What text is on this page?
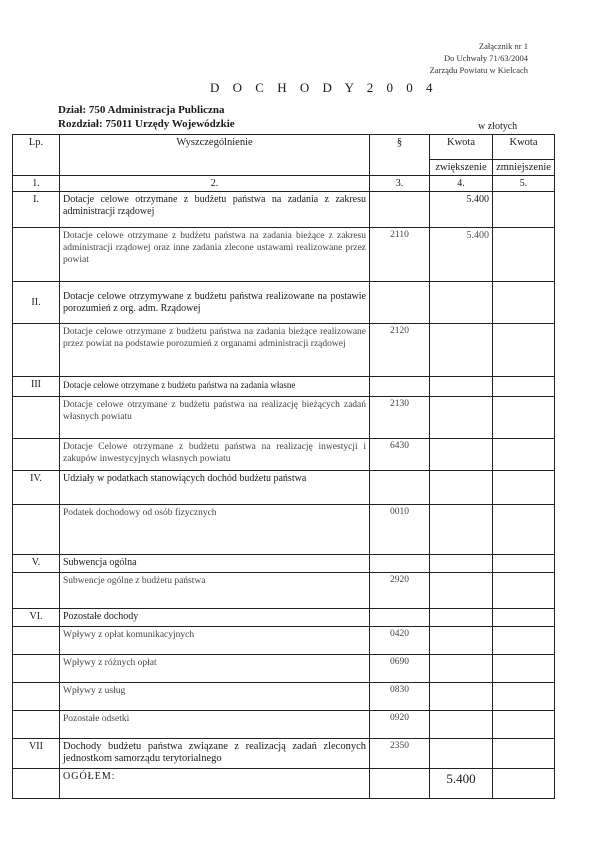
Załącznik nr 1
Do Uchwały 71/63/2004
Zarządu Powiatu w Kielcach
D O C H O D Y 2 0 0 4
Dział: 750 Administracja Publiczna
Rozdział: 75011 Urzędy Wojewódzkie	w złotych
Lp.	Wyszczególnienie	§	Kwota	Kwota
			zwiększenie	zmniejszenie
1.	2.	3.	4.	5.
I.	Dotacje celowe otrzymane z budżetu państwa na zadania z zakresu administracji rządowej		5.400	
	Dotacje celowe otrzymane z budżetu państwa na zadania bieżące z zakresu administracji rządowej oraz inne zadania zlecone ustawami realizowane przez powiat	2110	5.400	
II.	Dotacje celowe otrzymywane z budżetu państwa realizowane na postawie porozumień z org. adm. Rządowej			
	Dotacje celowe otrzymane z budżetu państwa na zadania bieżące realizowane przez powiat na podstawie porozumień z organami administracji rządowej	2120		
III	Dotacje celowe otrzymane z budżetu państwa na zadania własne			
	Dotacje celowe otrzymane z budżetu państwa na realizację bieżących zadań własnych powiatu	2130		
	Dotacje Celowe otrzymane z budżetu państwa na realizację inwestycji i zakupów inwestycyjnych własnych powiatu	6430		
IV.	Udziały w podatkach stanowiących dochód budżetu państwa			
	Podatek dochodowy od osób fizycznych	0010		
V.	Subwencja ogólna			
	Subwencje ogólne z budżetu państwa	2920		
VI.	Pozostałe dochody			
	Wpływy z opłat komunikacyjnych	0420		
	Wpływy z różnych opłat	0690		
	Wpływy z usług	0830		
	Pozostałe odsetki	0920		
VII	Dochody budżetu państwa związane z realizacją zadań zleconych jednostkom samorządu terytorialnego	2350		
	OGÓŁEM:		5.400	
